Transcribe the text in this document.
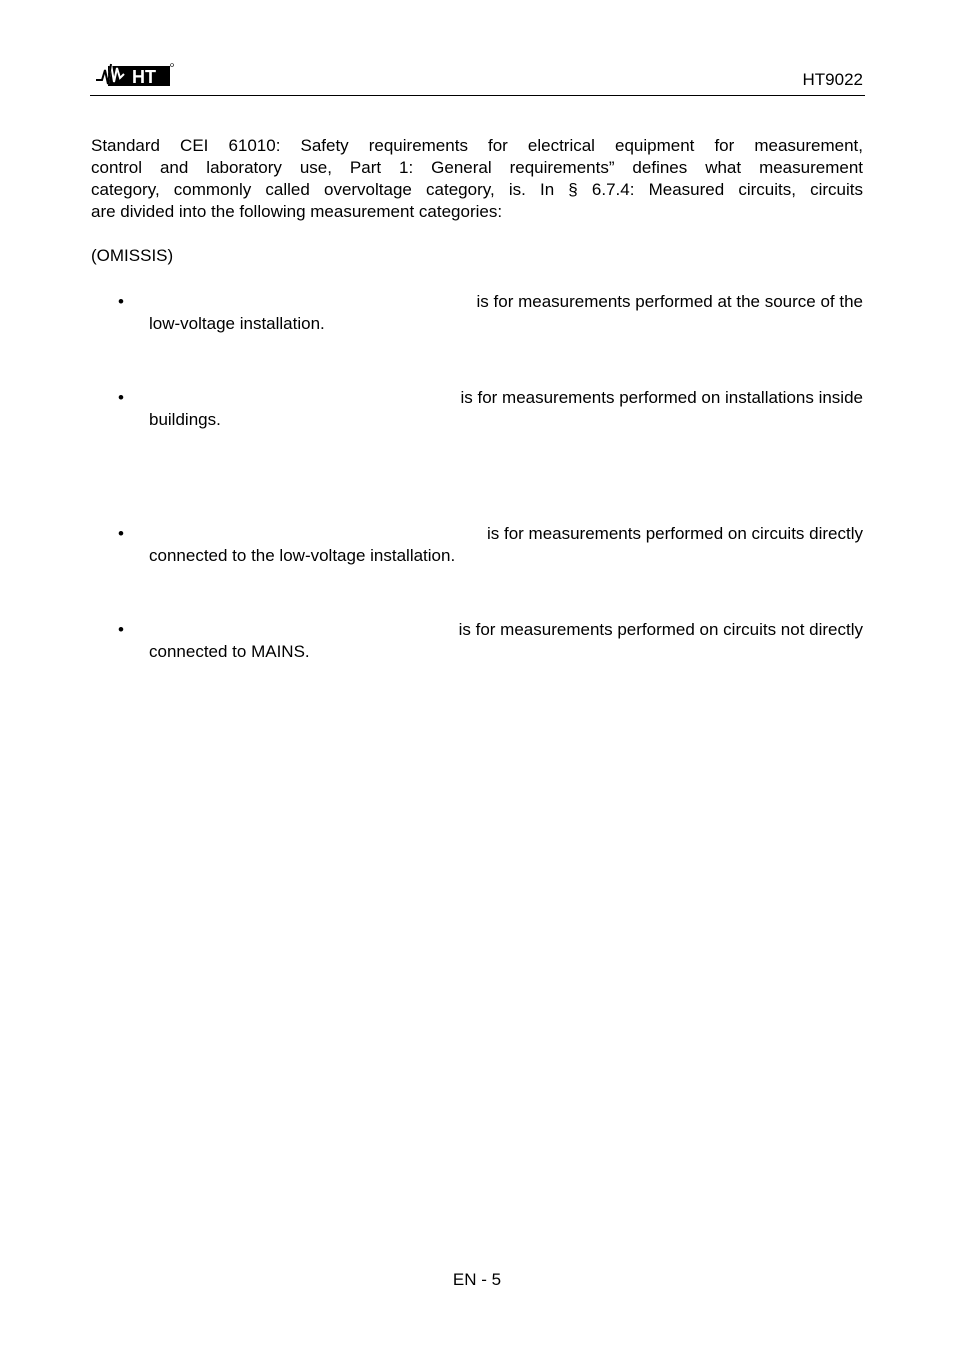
HT	HT9022
Standard CEI 61010: Safety requirements for electrical equipment for measurement,
control and laboratory use, Part 1: General requirements” defines what measurement
category, commonly called overvoltage category, is. In § 6.7.4: Measured circuits, circuits
are divided into the following measurement categories:
(OMISSIS)
•	is for measurements performed at the source of the
low-voltage installation.
•	is for measurements performed on installations inside
buildings.
•	is for measurements performed on circuits directly
connected to the low-voltage installation.
•	is for measurements performed on circuits not directly
connected to MAINS.
EN - 5
